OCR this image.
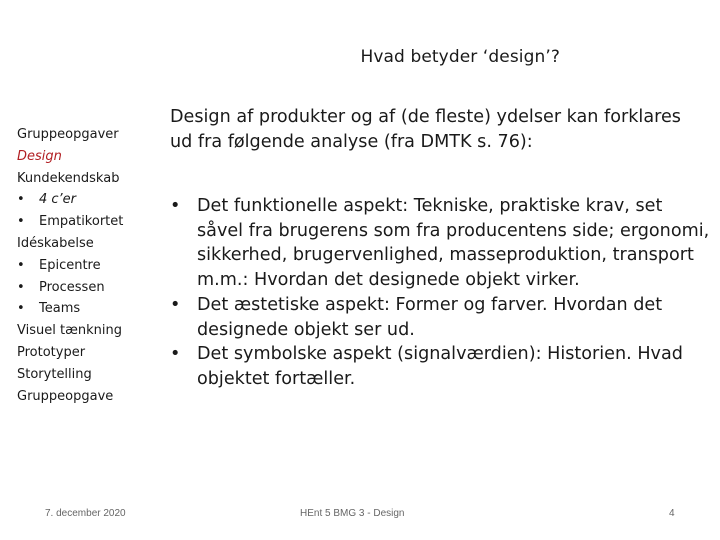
Hvad betyder ‘design’?
Gruppeopgaver
Design
Kundekendskab
• 4 c’er
• Empatikortet
Idéskabelse
• Epicentre
• Processen
• Teams
Visuel tænkning
Prototyper
Storytelling
Gruppeopgave
Design af produkter og af (de fleste) ydelser kan forklares ud fra følgende analyse (fra DMTK s. 76):
• Det funktionelle aspekt: Tekniske, praktiske krav, set såvel fra brugerens som fra producentens side; ergonomi, sikkerhed, brugervenlighed, masseproduktion, transport m.m.: Hvordan det designede objekt virker.
• Det æstetiske aspekt: Former og farver. Hvordan det designede objekt ser ud.
• Det symbolske aspekt (signalværdien): Historien. Hvad objektet fortæller.
7. december 2020	HEnt 5 BMG 3 - Design	4
